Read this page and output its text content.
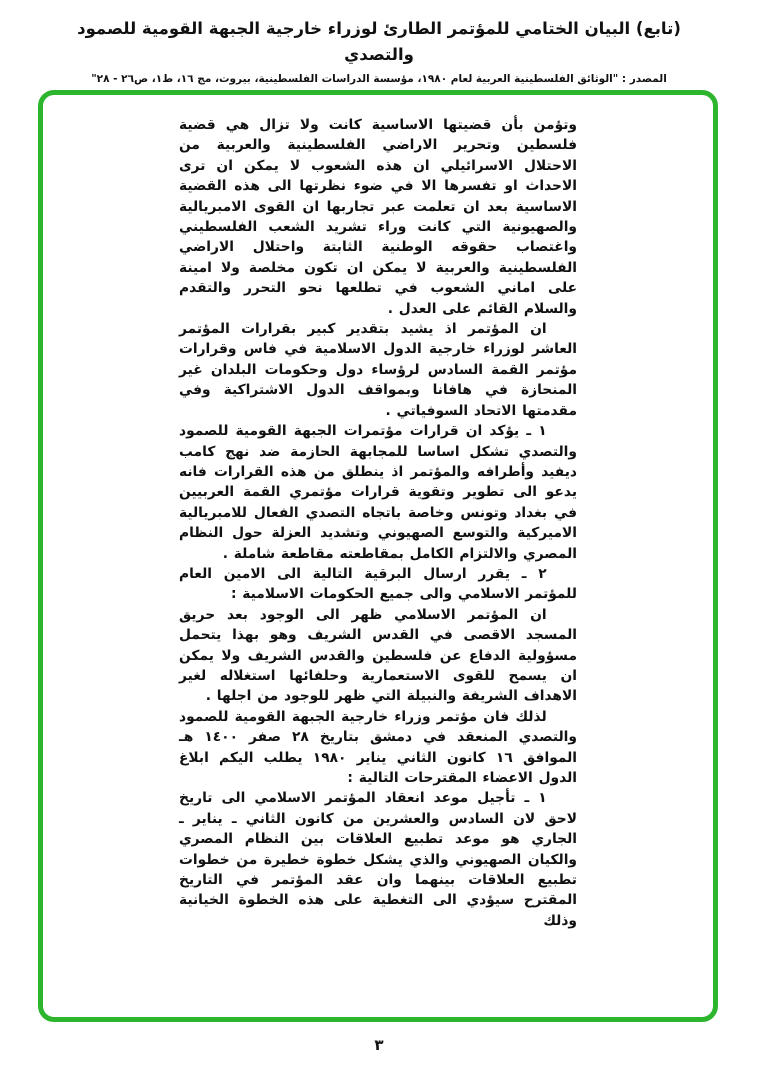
(تابع) البيان الختامي للمؤتمر الطارئ لوزراء خارجية الجبهة القومية للصمود والتصدي
المصدر : "الوثائق الفلسطينية العربية لعام ١٩٨٠، مؤسسة الدراسات الفلسطينية، بيروت، مج ١٦، ط١، ص٢٦ - ٢٨"

وتؤمن بأن قضيتها الاساسية كانت ولا تزال هي قضية فلسطين وتحرير الاراضي الفلسطينية والعربية من الاحتلال الاسرائيلي ان هذه الشعوب لا يمكن ان ترى الاحداث او تفسرها الا في ضوء نظرتها الى هذه القضية الاساسية بعد ان تعلمت عبر تجاربها ان القوى الامبريالية والصهيونية التي كانت وراء تشريد الشعب الفلسطيني واغتصاب حقوقه الوطنية الثابتة واحتلال الاراضي الفلسطينية والعربية لا يمكن ان تكون مخلصة ولا امينة على اماني الشعوب في تطلعها نحو التحرر والتقدم والسلام القائم على العدل .

ان المؤتمر اذ يشيد بتقدير كبير بقرارات المؤتمر العاشر لوزراء خارجية الدول الاسلامية في فاس وقرارات مؤتمر القمة السادس لرؤساء دول وحكومات البلدان غير المنحازة في هافانا وبمواقف الدول الاشتراكية وفي مقدمتها الاتحاد السوفياتي .

١ ـ يؤكد ان قرارات مؤتمرات الجبهة القومية للصمود والتصدي تشكل اساسا للمجابهة الحازمة ضد نهج كامب ديفيد وأطرافه والمؤتمر اذ ينطلق من هذه القرارات فانه يدعو الى تطوير وتقوية قرارات مؤتمري القمة العربيين في بغداد وتونس وخاصة باتجاه التصدي الفعال للامبريالية الاميركية والتوسع الصهيوني وتشديد العزلة حول النظام المصري والالتزام الكامل بمقاطعته مقاطعة شاملة .

٢ ـ يقرر ارسال البرقية التالية الى الامين العام للمؤتمر الاسلامي والى جميع الحكومات الاسلامية :

ان المؤتمر الاسلامي ظهر الى الوجود بعد حريق المسجد الاقصى في القدس الشريف وهو بهذا يتحمل مسؤولية الدفاع عن فلسطين والقدس الشريف ولا يمكن ان يسمح للقوى الاستعمارية وحلفائها استغلاله لغير الاهداف الشريفة والنبيلة التي ظهر للوجود من اجلها .

لذلك فان مؤتمر وزراء خارجية الجبهة القومية للصمود والتصدي المنعقد في دمشق بتاريخ ٢٨ صفر ١٤٠٠ هـ الموافق ١٦ كانون الثاني يناير ١٩٨٠ يطلب اليكم ابلاغ الدول الاعضاء المقترحات التالية :

١ ـ تأجيل موعد انعقاد المؤتمر الاسلامي الى تاريخ لاحق لان السادس والعشرين من كانون الثاني ـ يناير ـ الجاري هو موعد تطبيع العلاقات بين النظام المصري والكيان الصهيوني والذي يشكل خطوة خطيرة من خطوات تطبيع العلاقات بينهما وان عقد المؤتمر في التاريخ المقترح سيؤدي الى التغطية على هذه الخطوة الخيانية وذلك

٣
